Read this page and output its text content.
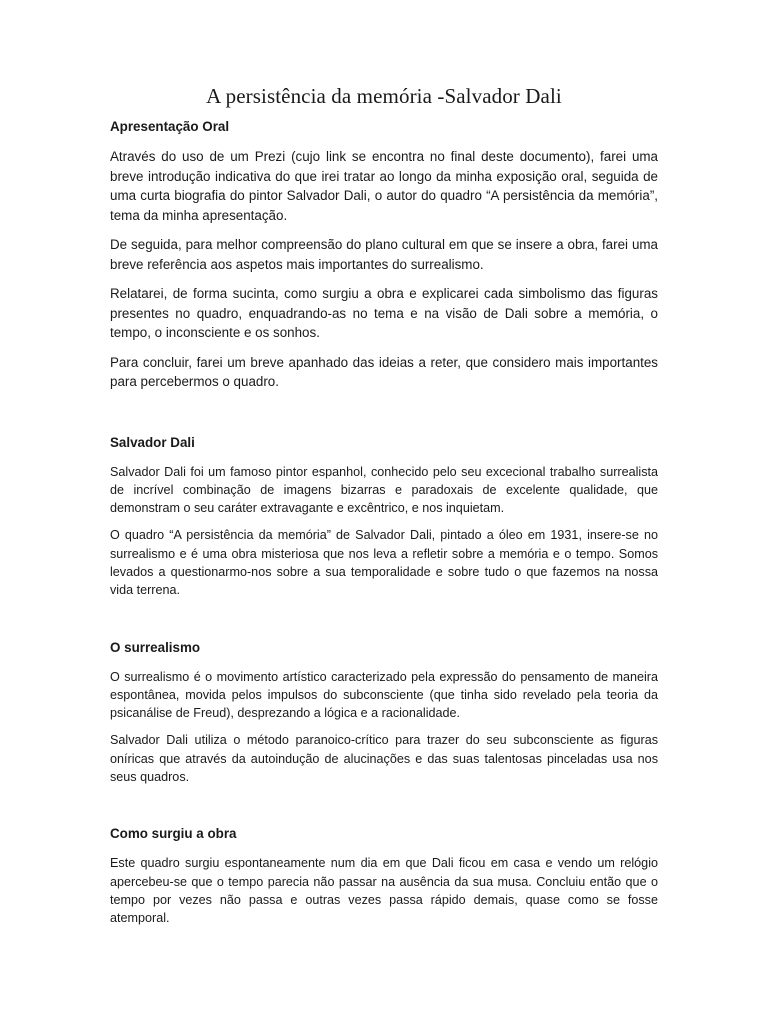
A persistência da memória -Salvador Dali
Apresentação Oral

Através do uso de um Prezi (cujo link se encontra no final deste documento), farei uma breve introdução indicativa do que irei tratar ao longo da minha exposição oral, seguida de uma curta biografia do pintor Salvador Dali, o autor do quadro “A persistência da memória”, tema da minha apresentação.

De seguida, para melhor compreensão do plano cultural em que se insere a obra, farei uma breve referência aos aspetos mais importantes do surrealismo.

Relatarei, de forma sucinta, como surgiu a obra e explicarei cada simbolismo das figuras presentes no quadro, enquadrando-as no tema e na visão de Dali sobre a memória, o tempo, o inconsciente e os sonhos.

Para concluir, farei um breve apanhado das ideias a reter, que considero mais importantes para percebermos o quadro.

Salvador Dali

Salvador Dali foi um famoso pintor espanhol, conhecido pelo seu excecional trabalho surrealista de incrível combinação de imagens bizarras e paradoxais de excelente qualidade, que demonstram o seu caráter extravagante e excêntrico, e nos inquietam.

O quadro “A persistência da memória” de Salvador Dali, pintado a óleo em 1931, insere-se no surrealismo e é uma obra misteriosa que nos leva a refletir sobre a memória e o tempo. Somos levados a questionarmo-nos sobre a sua temporalidade e sobre tudo o que fazemos na nossa vida terrena.

O surrealismo

O surrealismo é o movimento artístico caracterizado pela expressão do pensamento de maneira espontânea, movida pelos impulsos do subconsciente (que tinha sido revelado pela teoria da psicanálise de Freud), desprezando a lógica e a racionalidade.

Salvador Dali utiliza o método paranoico-crítico para trazer do seu subconsciente as figuras oníricas que através da autoindução de alucinações e das suas talentosas pinceladas usa nos seus quadros.

Como surgiu a obra

Este quadro surgiu espontaneamente num dia em que Dali ficou em casa e vendo um relógio apercebeu-se que o tempo parecia não passar na ausência da sua musa. Concluiu então que o tempo por vezes não passa e outras vezes passa rápido demais, quase como se fosse atemporal.
